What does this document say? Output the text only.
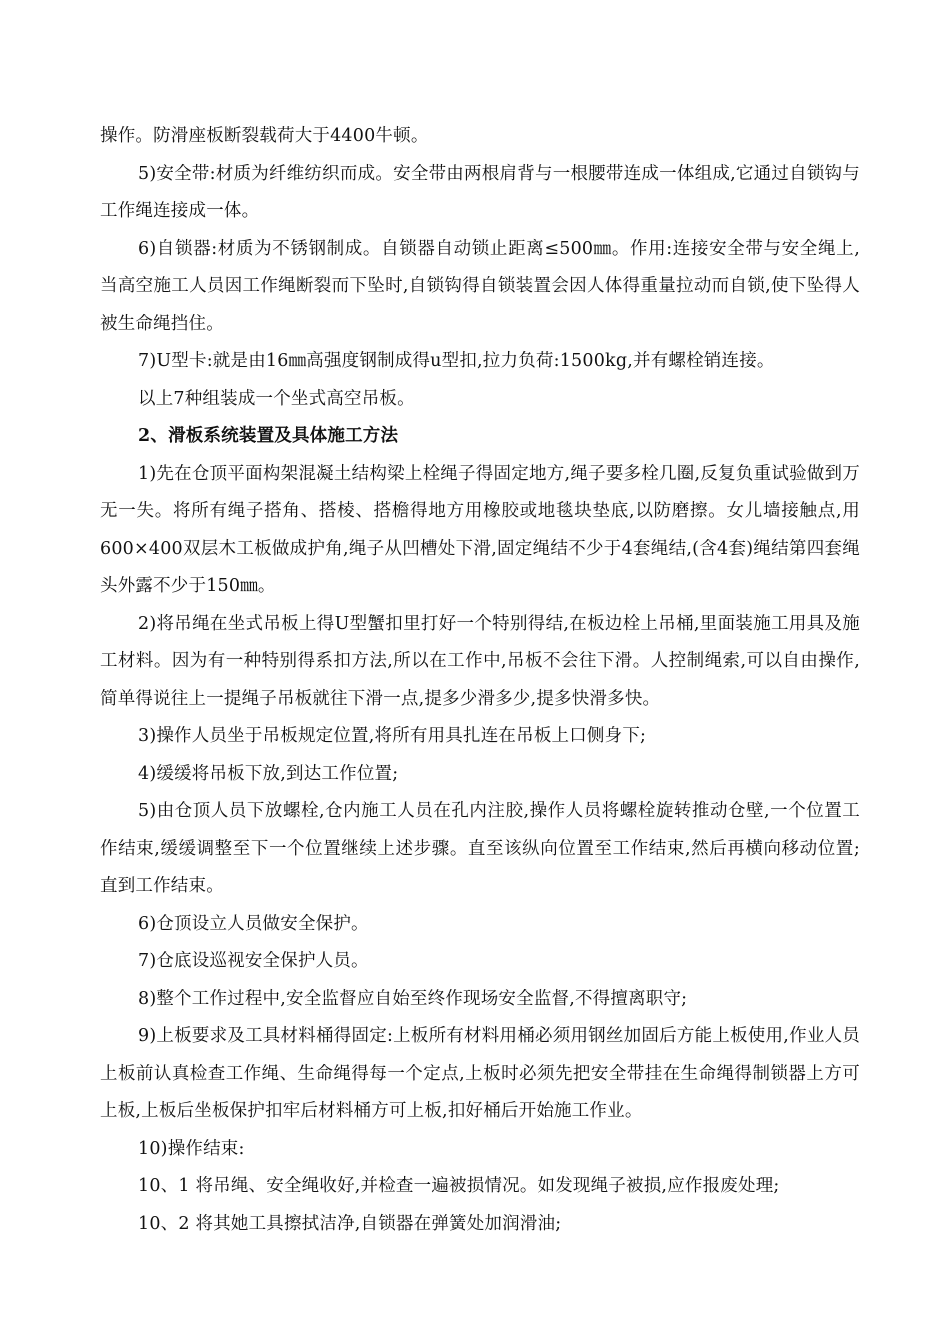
操作。防滑座板断裂载荷大于4400牛顿。

5)安全带:材质为纤维纺织而成。安全带由两根肩背与一根腰带连成一体组成,它通过自锁钩与工作绳连接成一体。

6)自锁器:材质为不锈钢制成。自锁器自动锁止距离≤500㎜。作用:连接安全带与安全绳上,当高空施工人员因工作绳断裂而下坠时,自锁钩得自锁装置会因人体得重量拉动而自锁,使下坠得人被生命绳挡住。

7)U型卡:就是由16㎜高强度钢制成得u型扣,拉力负荷:1500kg,并有螺栓销连接。

以上7种组装成一个坐式高空吊板。

2、滑板系统装置及具体施工方法

1)先在仓顶平面构架混凝土结构梁上栓绳子得固定地方,绳子要多栓几圈,反复负重试验做到万无一失。将所有绳子搭角、搭棱、搭檐得地方用橡胶或地毯块垫底,以防磨擦。女儿墙接触点,用600×400双层木工板做成护角,绳子从凹槽处下滑,固定绳结不少于4套绳结,(含4套)绳结第四套绳头外露不少于150㎜。

2)将吊绳在坐式吊板上得U型蟹扣里打好一个特别得结,在板边栓上吊桶,里面装施工用具及施工材料。因为有一种特别得系扣方法,所以在工作中,吊板不会往下滑。人控制绳索,可以自由操作,简单得说往上一提绳子吊板就往下滑一点,提多少滑多少,提多快滑多快。

3)操作人员坐于吊板规定位置,将所有用具扎连在吊板上口侧身下;

4)缓缓将吊板下放,到达工作位置;

5)由仓顶人员下放螺栓,仓内施工人员在孔内注胶,操作人员将螺栓旋转推动仓壁,一个位置工作结束,缓缓调整至下一个位置继续上述步骤。直至该纵向位置至工作结束,然后再横向移动位置;直到工作结束。

6)仓顶设立人员做安全保护。

7)仓底设巡视安全保护人员。

8)整个工作过程中,安全监督应自始至终作现场安全监督,不得擅离职守;

9)上板要求及工具材料桶得固定:上板所有材料用桶必须用钢丝加固后方能上板使用,作业人员上板前认真检查工作绳、生命绳得每一个定点,上板时必须先把安全带挂在生命绳得制锁器上方可上板,上板后坐板保护扣牢后材料桶方可上板,扣好桶后开始施工作业。

10)操作结束:

10、1 将吊绳、安全绳收好,并检查一遍被损情况。如发现绳子被损,应作报废处理;

10、2 将其她工具擦拭洁净,自锁器在弹簧处加润滑油;
